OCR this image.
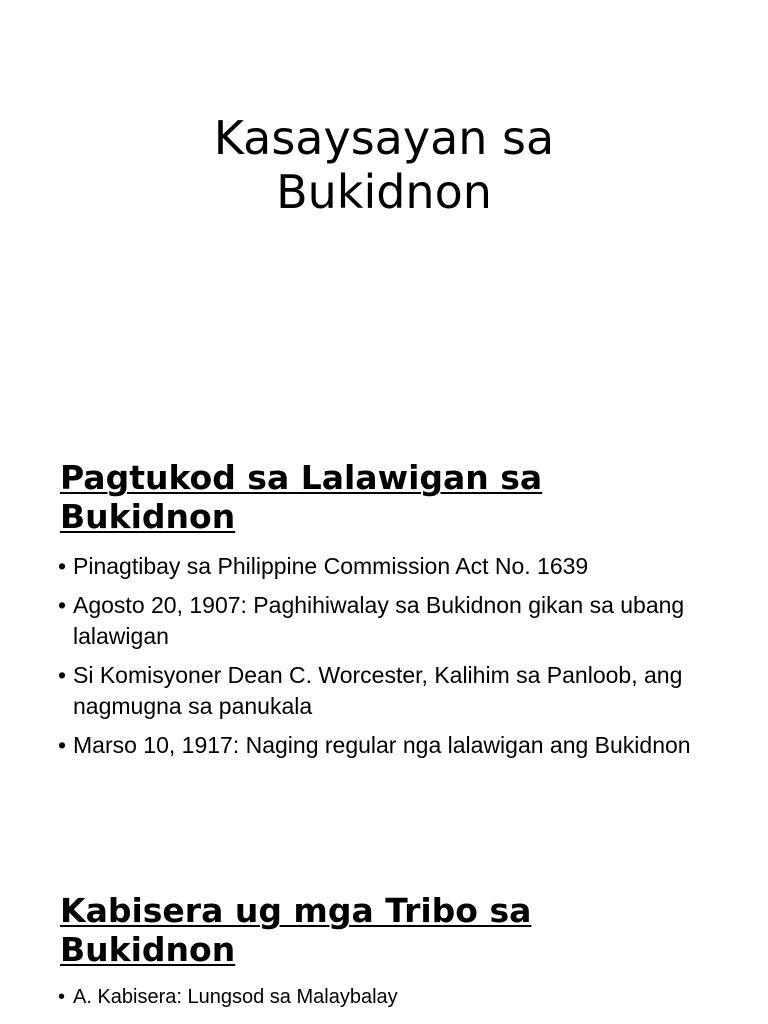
Kasaysayan sa
Bukidnon
Pagtukod sa Lalawigan sa
Bukidnon
• Pinagtibay sa Philippine Commission Act No. 1639
• Agosto 20, 1907: Paghihiwalay sa Bukidnon gikan sa ubang lalawigan
• Si Komisyoner Dean C. Worcester, Kalihim sa Panloob, ang nagmugna sa panukala
• Marso 10, 1917: Naging regular nga lalawigan ang Bukidnon
Kabisera ug mga Tribo sa
Bukidnon
• A. Kabisera: Lungsod sa Malaybalay
